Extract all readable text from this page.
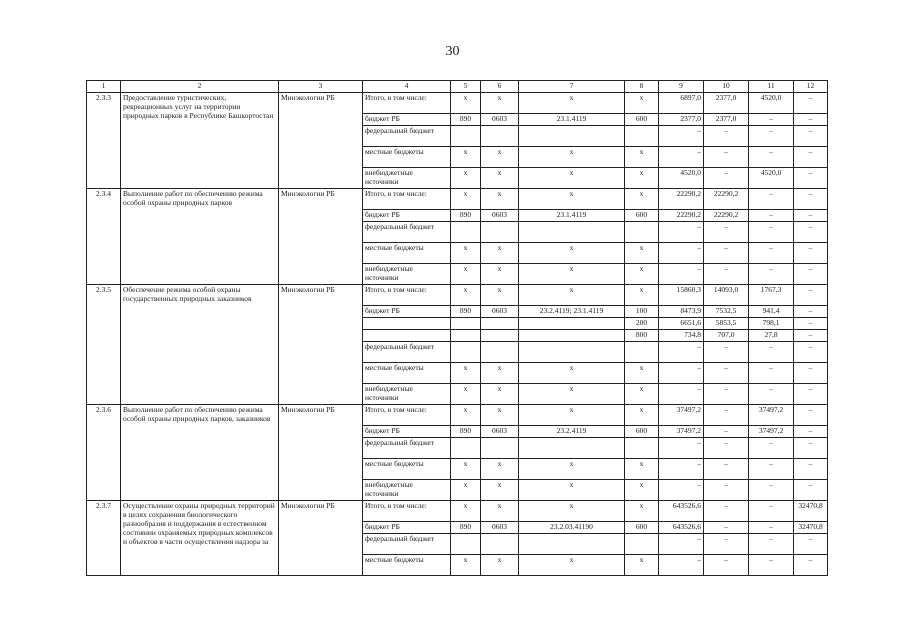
30
1	2	3	4	5	6	7	8	9	10	11	12
2.3.3	Предоставление туристических, рекреационных услуг на территории природных парков в Республике Башкортостан	Минэкологии РБ	Итого, в том числе:	x	x	x	x	6897,0	2377,0	4520,0	–
			бюджет РБ	890	0603	23.1.4119	600	2377,0	2377,0	–	–
			федеральный бюджет					–	–	–	–
			местные бюджеты	x	x	x	x	–	–	–	–
			внебюджетные источники	x	x	x	x	4520,0	–	4520,0	–
2.3.4	Выполнение работ по обеспечению режима особой охраны природных парков	Минэкологии РБ	Итого, в том числе:	x	x	x	x	22290,2	22290,2	–	–
			бюджет РБ	890	0603	23.1.4119	600	22290,2	22290,2	–	–
			федеральный бюджет					–	–	–	–
			местные бюджеты	x	x	x	x	–	–	–	–
			внебюджетные источники	x	x	x	x	–	–	–	–
2.3.5	Обеспечение режима особой охраны государственных природных заказников	Минэкологии РБ	Итого, в том числе:	x	x	x	x	15860,3	14093,0	1767,3	–
			бюджет РБ	890	0603	23.2.4119; 23.1.4119	100	8473,9	7532,5	941,4	–
							200	6651,6	5853,5	798,1	–
							800	734,8	707,0	27,8	–
			федеральный бюджет					–	–	–	–
			местные бюджеты	x	x	x	x	–	–	–	–
			внебюджетные источники	x	x	x	x	–	–	–	–
2.3.6	Выполнение работ по обеспечению режима особой охраны природных парков, заказников	Минэкологии РБ	Итого, в том числе:	x	x	x	x	37497,2	–	37497,2	–
			бюджет РБ	890	0603	23.2.4119	600	37497,2	–	37497,2	–
			федеральный бюджет					–	–	–	–
			местные бюджеты	x	x	x	x	–	–	–	–
			внебюджетные источники	x	x	x	x	–	–	–	–
2.3.7	Осуществление охраны природных территорий в целях сохранения биологического разнообразия и поддержания в естественном состоянии охраняемых природных комплексов и объектов в части осуществления надзора за	Минэкологии РБ	Итого, в том числе:	x	x	x	x	643526,6	–	–	32470,8
			бюджет РБ	890	0603	23.2.03.41190	600	643526,6	–	–	32470,8
			федеральный бюджет					–	–	–	–
			местные бюджеты	x	x	x	x	–	–	–	–
